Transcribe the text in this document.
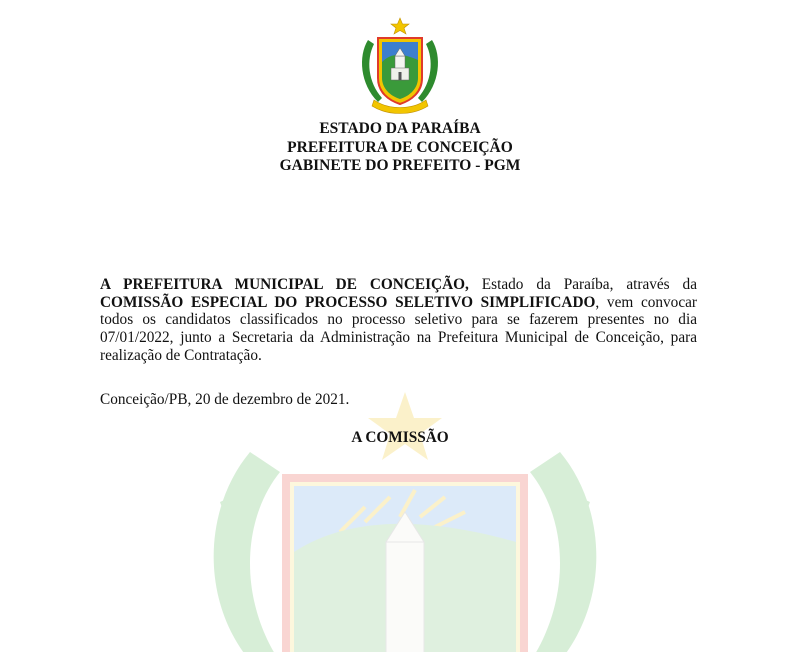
ESTADO DA PARAÍBA
PREFEITURA DE CONCEIÇÃO
GABINETE DO PREFEITO - PGM
A PREFEITURA MUNICIPAL DE CONCEIÇÃO, Estado da Paraíba, através da COMISSÃO ESPECIAL DO PROCESSO SELETIVO SIMPLIFICADO, vem convocar todos os candidatos classificados no processo seletivo para se fazerem presentes no dia 07/01/2022, junto a Secretaria da Administração na Prefeitura Municipal de Conceição, para realização de Contratação.
Conceição/PB, 20 de dezembro de 2021.
A COMISSÃO
